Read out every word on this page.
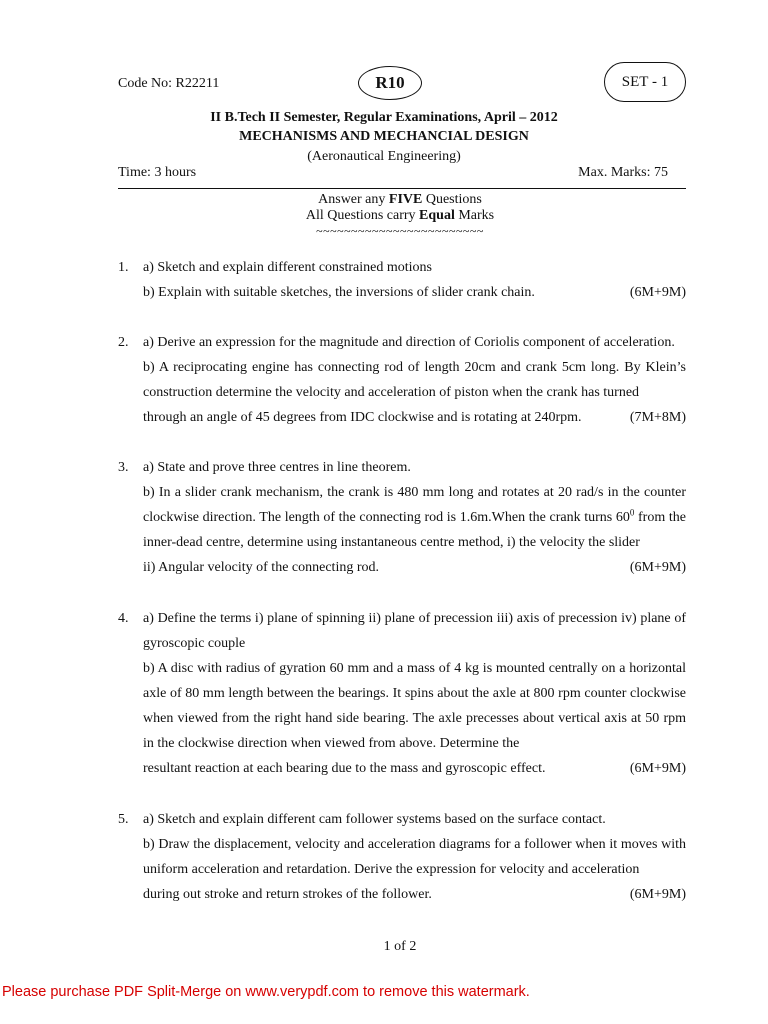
Code No: R22211	R10	SET - 1
II B.Tech II Semester, Regular Examinations, April – 2012
MECHANISMS AND MECHANCIAL DESIGN
(Aeronautical Engineering)
Time: 3 hours	Max. Marks: 75
Answer any FIVE Questions
All Questions carry Equal Marks
~~~~~~~~~~~~~~~~~~~~~~~~
1. a) Sketch and explain different constrained motions
b) Explain with suitable sketches, the inversions of slider crank chain.	(6M+9M)
2. a) Derive an expression for the magnitude and direction of Coriolis component of acceleration.
b) A reciprocating engine has connecting rod of length 20cm and crank 5cm long. By Klein’s construction determine the velocity and acceleration of piston when the crank has turned
through an angle of 45 degrees from IDC clockwise and is rotating at 240rpm.	(7M+8M)
3. a) State and prove three centres in line theorem.
b) In a slider crank mechanism, the crank is 480 mm long and rotates at 20 rad/s in the counter clockwise direction. The length of the connecting rod is 1.6m.When the crank turns $60^0$ from the inner-dead centre, determine using instantaneous centre method, i) the velocity the slider
ii) Angular velocity of the connecting rod.	(6M+9M)
4. a) Define the terms i) plane of spinning ii) plane of precession iii) axis of precession iv) plane of gyroscopic couple
b) A disc with radius of gyration 60 mm and a mass of 4 kg is mounted centrally on a horizontal axle of 80 mm length between the bearings. It spins about the axle at 800 rpm counter clockwise when viewed from the right hand side bearing. The axle precesses about vertical axis at 50 rpm in the clockwise direction when viewed from above. Determine the
resultant reaction at each bearing due to the mass and gyroscopic effect.	(6M+9M)
5. a) Sketch and explain different cam follower systems based on the surface contact.
b) Draw the displacement, velocity and acceleration diagrams for a follower when it moves with uniform acceleration and retardation. Derive the expression for velocity and acceleration
during out stroke and return strokes of the follower.	(6M+9M)
1 of 2
Please purchase PDF Split-Merge on www.verypdf.com to remove this watermark.
